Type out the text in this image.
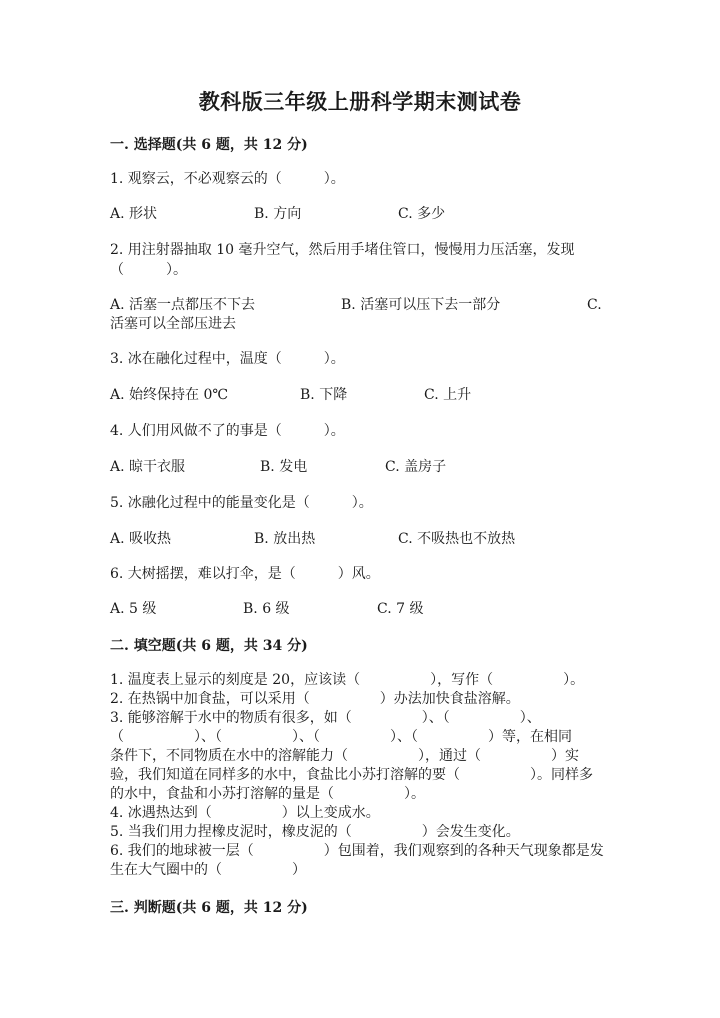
教科版三年级上册科学期末测试卷
一. 选择题(共 6 题，共 12 分)
1. 观察云，不必观察云的（　　　）。
A. 形状	B. 方向	C. 多少
2. 用注射器抽取 10 毫升空气，然后用手堵住管口，慢慢用力压活塞，发现
（　　　）。
A. 活塞一点都压不下去	B. 活塞可以压下去一部分	C.
活塞可以全部压进去
3. 冰在融化过程中，温度（　　　）。
A. 始终保持在 0℃	B. 下降	C. 上升
4. 人们用风做不了的事是（　　　）。
A. 晾干衣服	B. 发电	C. 盖房子
5. 冰融化过程中的能量变化是（　　　）。
A. 吸收热	B. 放出热	C. 不吸热也不放热
6. 大树摇摆，难以打伞，是（　　　）风。
A. 5 级	B. 6 级	C. 7 级
二. 填空题(共 6 题，共 34 分)
1. 温度表上显示的刻度是 20，应该读（　　　　　），写作（　　　　　）。
2. 在热锅中加食盐，可以采用（　　　　　）办法加快食盐溶解。
3. 能够溶解于水中的物质有很多，如（　　　　　）、（　　　　　）、
（　　　　　）、（　　　　　）、（　　　　　）、（　　　　　）等，在相同
条件下，不同物质在水中的溶解能力（　　　　　），通过（　　　　　）实
验，我们知道在同样多的水中，食盐比小苏打溶解的要（　　　　　）。同样多
的水中，食盐和小苏打溶解的量是（　　　　　）。
4. 冰遇热达到（　　　　　）以上变成水。
5. 当我们用力捏橡皮泥时，橡皮泥的（　　　　　）会发生变化。
6. 我们的地球被一层（　　　　　）包围着，我们观察到的各种天气现象都是发
生在大气圈中的（　　　　　）
三. 判断题(共 6 题，共 12 分)
